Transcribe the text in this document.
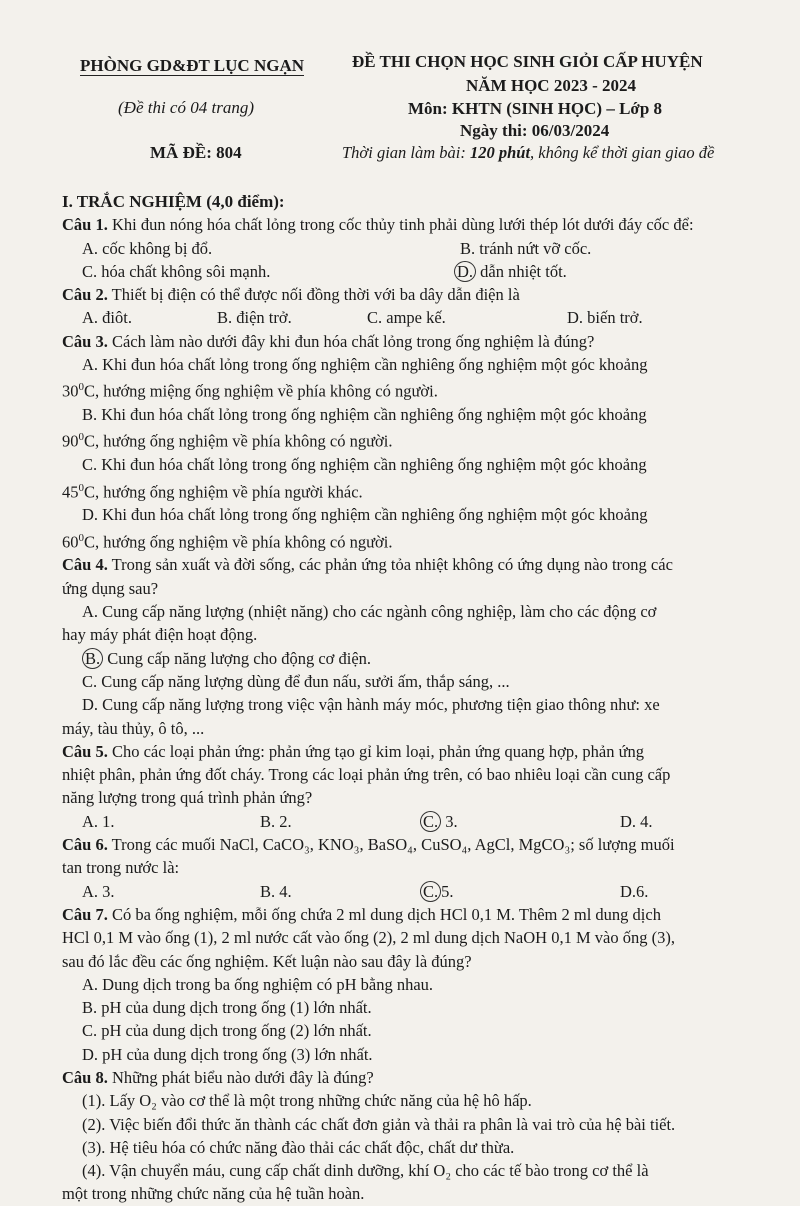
PHÒNG GD&ĐT LỤC NGẠN
(Đề thi có 04 trang)
MÃ ĐỀ: 804
ĐỀ THI CHỌN HỌC SINH GIỎI CẤP HUYỆN
NĂM HỌC 2023 - 2024
Môn: KHTN (SINH HỌC) – Lớp 8
Ngày thi: 06/03/2024
Thời gian làm bài: 120 phút, không kể thời gian giao đề
I. TRẮC NGHIỆM (4,0 điểm):
Câu 1. Khi đun nóng hóa chất lỏng trong cốc thủy tinh phải dùng lưới thép lót dưới đáy cốc để:
A. cốc không bị đổ.	B. tránh nứt vỡ cốc.
C. hóa chất không sôi mạnh.	D. dẫn nhiệt tốt.
Câu 2. Thiết bị điện có thể được nối đồng thời với ba dây dẫn điện là
A. điôt.	B. điện trở.	C. ampe kế.	D. biến trở.
Câu 3. Cách làm nào dưới đây khi đun hóa chất lỏng trong ống nghiệm là đúng?
A. Khi đun hóa chất lỏng trong ống nghiệm cần nghiêng ống nghiệm một góc khoảng
$30^0C$, hướng miệng ống nghiệm về phía không có người.
B. Khi đun hóa chất lỏng trong ống nghiệm cần nghiêng ống nghiệm một góc khoảng
$90^0C$, hướng ống nghiệm về phía không có người.
C. Khi đun hóa chất lỏng trong ống nghiệm cần nghiêng ống nghiệm một góc khoảng
$45^0C$, hướng ống nghiệm về phía người khác.
D. Khi đun hóa chất lỏng trong ống nghiệm cần nghiêng ống nghiệm một góc khoảng
$60^0C$, hướng ống nghiệm về phía không có người.
Câu 4. Trong sản xuất và đời sống, các phản ứng tỏa nhiệt không có ứng dụng nào trong các
ứng dụng sau?
A. Cung cấp năng lượng (nhiệt năng) cho các ngành công nghiệp, làm cho các động cơ
hay máy phát điện hoạt động.
B. Cung cấp năng lượng cho động cơ điện.
C. Cung cấp năng lượng dùng để đun nấu, sưởi ấm, thắp sáng, ...
D. Cung cấp năng lượng trong việc vận hành máy móc, phương tiện giao thông như: xe
máy, tàu thủy, ô tô, ...
Câu 5. Cho các loại phản ứng: phản ứng tạo gỉ kim loại, phản ứng quang hợp, phản ứng
nhiệt phân, phản ứng đốt cháy. Trong các loại phản ứng trên, có bao nhiêu loại cần cung cấp
năng lượng trong quá trình phản ứng?
A. 1.	B. 2.	C. 3.	D. 4.
Câu 6. Trong các muối NaCl, CaCO₃, KNO₃, BaSO₄, CuSO₄, AgCl, MgCO₃; số lượng muối
tan trong nước là:
A. 3.	B. 4.	C. 5.	D.6.
Câu 7. Có ba ống nghiệm, mỗi ống chứa 2 ml dung dịch HCl 0,1 M. Thêm 2 ml dung dịch
HCl 0,1 M vào ống (1), 2 ml nước cất vào ống (2), 2 ml dung dịch NaOH 0,1 M vào ống (3),
sau đó lắc đều các ống nghiệm. Kết luận nào sau đây là đúng?
A. Dung dịch trong ba ống nghiệm có pH bằng nhau.
B. pH của dung dịch trong ống (1) lớn nhất.
C. pH của dung dịch trong ống (2) lớn nhất.
D. pH của dung dịch trong ống (3) lớn nhất.
Câu 8. Những phát biểu nào dưới đây là đúng?
(1). Lấy O₂ vào cơ thể là một trong những chức năng của hệ hô hấp.
(2). Việc biến đổi thức ăn thành các chất đơn giản và thải ra phân là vai trò của hệ bài tiết.
(3). Hệ tiêu hóa có chức năng đào thải các chất độc, chất dư thừa.
(4). Vận chuyển máu, cung cấp chất dinh dưỡng, khí O₂ cho các tế bào trong cơ thể là
một trong những chức năng của hệ tuần hoàn.
